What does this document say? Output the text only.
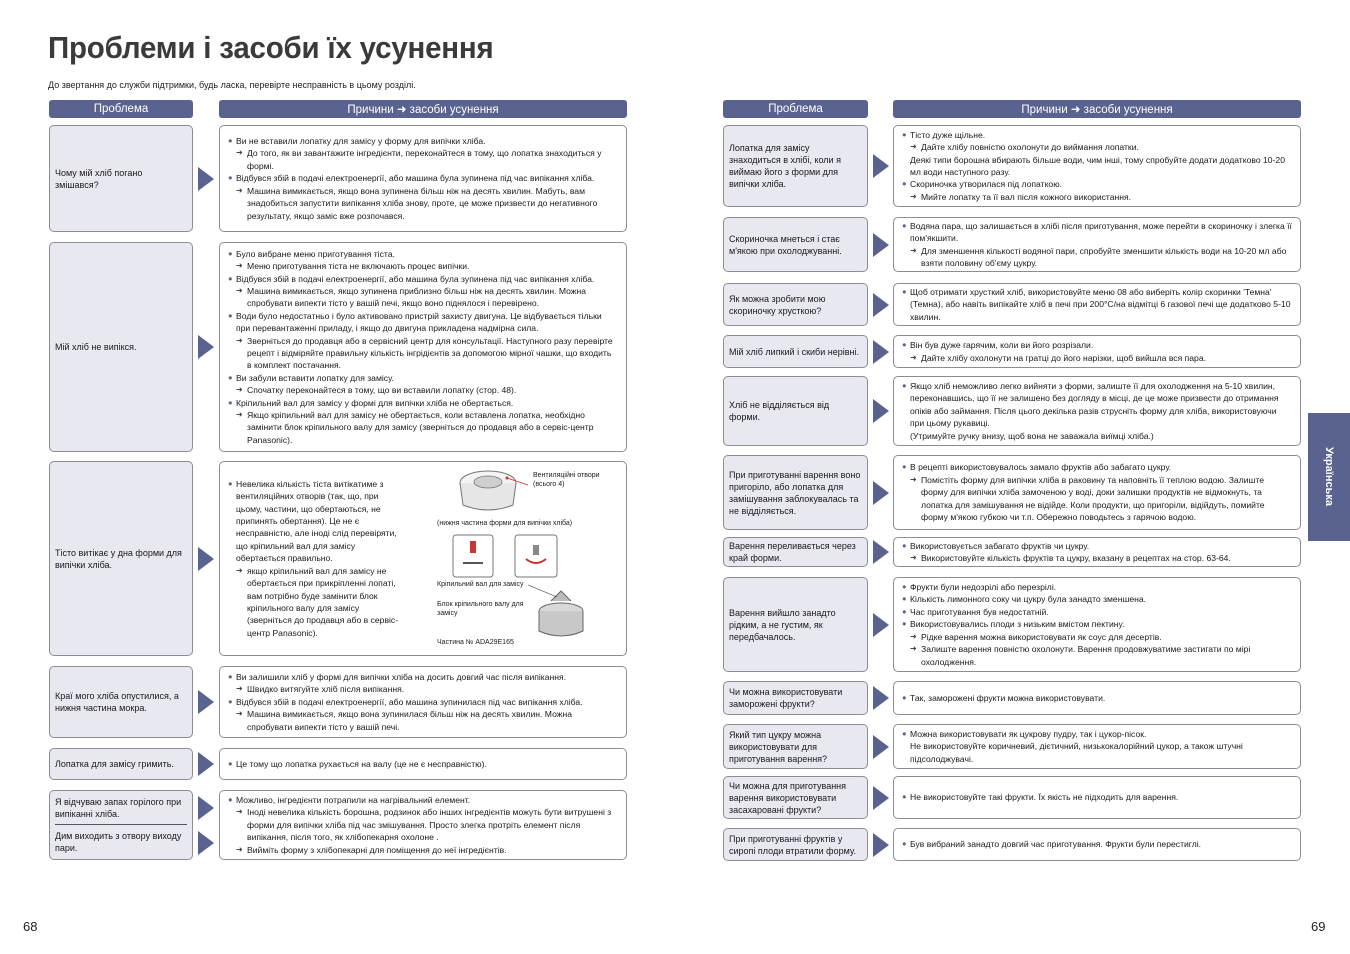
Проблеми і засоби їх усунення
До звертання до служби підтримки, будь ласка, перевірте несправність в цьому розділі.
Проблема	Причини ➜ засоби усунення	Проблема	Причини ➜ засоби усунення
Чому мій хліб погано змішався?
● Ви не вставили лопатку для замісу у форму для випічки хліба.
➜ До того, як ви завантажите інгредієнти, переконайтеся в тому, що лопатка знаходиться у формі.
● Відбувся збій в подачі електроенергії, або машина була зупинена під час випікання хліба.
➜ Машина вимикається, якщо вона зупинена більш ніж на десять хвилин. Мабуть, вам знадобиться запустити випікання хліба знову, проте, це може призвести до негативного результату, якщо заміс вже розпочався.
Мій хліб не випікся.
● Було вибране меню приготування тіста.
➜ Меню приготування тіста не включають процес випічки.
● Відбувся збій в подачі електроенергії, або машина була зупинена під час випікання хліба.
➜ Машина вимикається, якщо зупинена приблизно більш ніж на десять хвилин. Можна спробувати випекти тісто у вашій печі, якщо воно піднялося і перевірено.
● Води було недостатньо і було активовано пристрій захисту двигуна. Це відбувається тільки при перевантаженні приладу, і якщо до двигуна прикладена надмірна сила.
➜ Зверніться до продавця або в сервісний центр для консультації. Наступного разу перевірте рецепт і відміряйте правильну кількість інгрідієнтів за допомогою мірної чашки, що входить в комплект постачання.
● Ви забули вставити лопатку для замісу.
➜ Спочатку переконайтеся в тому, що ви вставили лопатку (стор. 48).
● Кріпильний вал для замісу у формі для випічки хліба не обертається.
➜ Якщо кріпильний вал для замісу не обертається, коли вставлена лопатка, необхідно замінити блок кріпильного валу для замісу (зверніться до продавця або в сервіс-центр Panasonic).
Тісто витікає у дна форми для випічки хліба.
● Невелика кількість тіста витікатиме з вентиляційних отворів (так, що, при цьому, частини, що обертаються, не припинять обертання). Це не є несправністю, але іноді слід перевіряти, що кріпильний вал для замісу обертається правильно.
➜ якщо кріпильний вал для замісу не обертається при прикріпленні лопаті, вам потрібно буде замінити блок кріпильного валу для замісу (зверніться до продавця або в сервіс-центр Panasonic).
Краї мого хліба опустилися, а нижня частина мокра.
● Ви залишили хліб у формі для випічки хліба на досить довгий час після випікання.
➜ Швидко витягуйте хліб після випікання.
● Відбувся збій в подачі електроенергії, або машина зупинилася під час випікання хліба.
➜ Машина вимикається, якщо вона зупинилася більш ніж на десять хвилин. Можна спробувати випекти тісто у вашій печі.
Лопатка для замісу гримить.
●	Це тому що лопатка рухається на валу (це не є несправністю).
Я відчуваю запах горілого при випіканні хліба.
Дим виходить з отвору виходу пари.
● Можливо, інгредієнти потрапили на нагрівальний елемент.
➜ Іноді невелика кількість борошна, родзинок або інших інгредієнтів можуть бути витрушені з форми для випічки хліба під час змішування. Просто злегка протріть елемент після випікання, після того, як хлібопекарня охолоне .
➜ Вийміть форму з хлібопекарні для поміщення до неї інгредієнтів.
Лопатка для замісу знаходиться в хлібі, коли я виймаю його з форми для випічки хліба.
● Тісто дуже щільне.
➜ Дайте хлібу повністю охолонути до виймання лопатки.
Деякі типи борошна вбирають більше води, чим інші, тому спробуйте додати додатково 10-20 мл води наступного разу.
● Скориночка утворилася під лопаткою.
➜ Мийте лопатку та її вал після кожного використання.
Скориночка мнеться і стає м'якою при охолоджуванні.
● Водяна пара, що залишається в хлібі після приготування, може перейти в скориночку і злегка її пом'якшити.
➜ Для зменшення кількості водяної пари, спробуйте зменшити кількість води на 10-20 мл або взяти половину об'єму цукру.
Як можна зробити мою скориночку хрусткою?
● Щоб отримати хрусткий хліб, використовуйте меню 08 або виберіть колір скоринки 'Темна' (Темна), або навіть випікайте хліб в печі при 200°С/на відмітці 6 газової печі ще додатково 5-10 хвилин.
Мій хліб липкий і скиби нерівні.
● Він був дуже гарячим, коли ви його розрізали.
➜ Дайте хлібу охолонути на гратці до його нарізки, щоб вийшла вся пара.
Хліб не відділяється від форми.
● Якщо хліб неможливо легко вийняти з форми, залиште її для охолодження на 5-10 хвилин, переконавшись, що її не залишено без догляду в місці, де це може призвести до отримання опіків або займання. Після цього декілька разів струсніть форму для хліба, використовуючи при цьому рукавиці.
(Утримуйте ручку внизу, щоб вона не заважала виїмці хліба.)
При приготуванні варення воно пригоріло, або лопатка для замішування заблокувалась та не відділяється.
● В рецепті використовувалось замало фруктів або забагато цукру.
➜ Помістіть форму для випічки хліба в раковину та наповніть її теплою водою. Залиште форму для випічки хліба замоченою у воді, доки залишки продуктів не відмокнуть, та лопатка для замішування не відійде. Коли продукти, що пригоріли, відійдуть, помийте форму м'якою губкою чи т.п. Обережно поводьтесь з гарячою водою.
Варення переливається через край форми.
● Використовується забагато фруктів чи цукру.
➜ Використовуйте кількість фруктів та цукру, вказану в рецептах на стор. 63-64.
Варення вийшло занадто рідким, а не густим, як передбачалось.
● Фрукти були недозрілі або перезрілі.
● Кількість лимонного соку чи цукру була занадто зменшена.
● Час приготування був недостатній.
● Використовувались плоди з низьким вмістом пектину.
➜ Рідке варення можна використовувати як соус для десертів.
➜ Залиште варення повністю охолонути. Варення продовжуватиме застигати по мірі охолодження.
Чи можна використовувати заморожені фрукти?
● Так, заморожені фрукти можна використовувати.
Який тип цукру можна використовувати для приготування варення?
● Можна використовувати як цукрову пудру, так і цукор-пісок.
Не використовуйте коричневий, дієтичний, низькокалорійний цукор, а також штучні підсолоджувачі.
Чи можна для приготування варення використовувати засахаровані фрукти?
● Не використовуйте такі фрукти. Їх якість не підходить для варення.
При приготуванні фруктів у сиропі плоди втратили форму.
● Був вибраний занадто довгий час приготування. Фрукти були перестиглі.
Вентиляційні отвори (всього 4)
(нижня частина форми для випічки хліба)
Кріпильний вал для замісу
Блок кріпильного валу для замісу
Частина № ADA29E165
Українська
68	69
